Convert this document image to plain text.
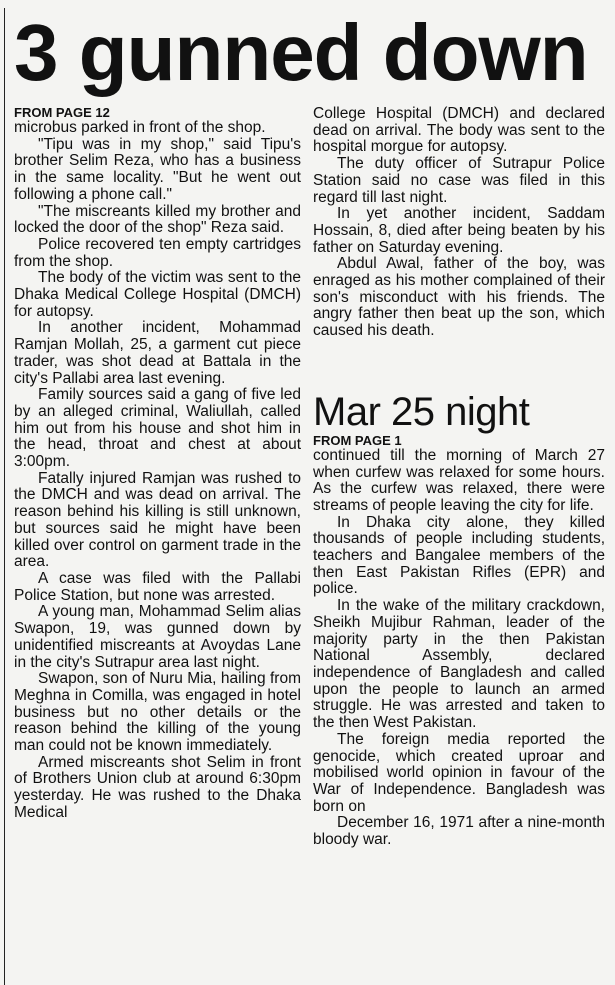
3 gunned down

FROM PAGE 12

microbus parked in front of the shop.

"Tipu was in my shop," said Tipu's brother Selim Reza, who has a business in the same locality. "But he went out following a phone call."

"The miscreants killed my brother and locked the door of the shop" Reza said.

Police recovered ten empty cartridges from the shop.

The body of the victim was sent to the Dhaka Medical College Hospital (DMCH) for autopsy.

In another incident, Mohammad Ramjan Mollah, 25, a garment cut piece trader, was shot dead at Battala in the city's Pallabi area last evening.

Family sources said a gang of five led by an alleged criminal, Waliullah, called him out from his house and shot him in the head, throat and chest at about 3:00pm.

Fatally injured Ramjan was rushed to the DMCH and was dead on arrival. The reason behind his killing is still unknown, but sources said he might have been killed over control on garment trade in the area.

A case was filed with the Pallabi Police Station, but none was arrested.

A young man, Mohammad Selim alias Swapon, 19, was gunned down by unidentified miscreants at Avoydas Lane in the city's Sutrapur area last night.

Swapon, son of Nuru Mia, hailing from Meghna in Comilla, was engaged in hotel business but no other details or the reason behind the killing of the young man could not be known immediately.

Armed miscreants shot Selim in front of Brothers Union club at around 6:30pm yesterday. He was rushed to the Dhaka Medical

College Hospital (DMCH) and declared dead on arrival. The body was sent to the hospital morgue for autopsy.

The duty officer of Sutrapur Police Station said no case was filed in this regard till last night.

In yet another incident, Saddam Hossain, 8, died after being beaten by his father on Saturday evening.

Abdul Awal, father of the boy, was enraged as his mother complained of their son's misconduct with his friends. The angry father then beat up the son, which caused his death.

Mar 25 night

FROM PAGE 1

continued till the morning of March 27 when curfew was relaxed for some hours. As the curfew was relaxed, there were streams of people leaving the city for life.

In Dhaka city alone, they killed thousands of people including students, teachers and Bangalee members of the then East Pakistan Rifles (EPR) and police.

In the wake of the military crackdown, Sheikh Mujibur Rahman, leader of the majority party in the then Pakistan National Assembly, declared independence of Bangladesh and called upon the people to launch an armed struggle. He was arrested and taken to the then West Pakistan.

The foreign media reported the genocide, which created uproar and mobilised world opinion in favour of the War of Independence. Bangladesh was born on

December 16, 1971 after a nine-month bloody war.
